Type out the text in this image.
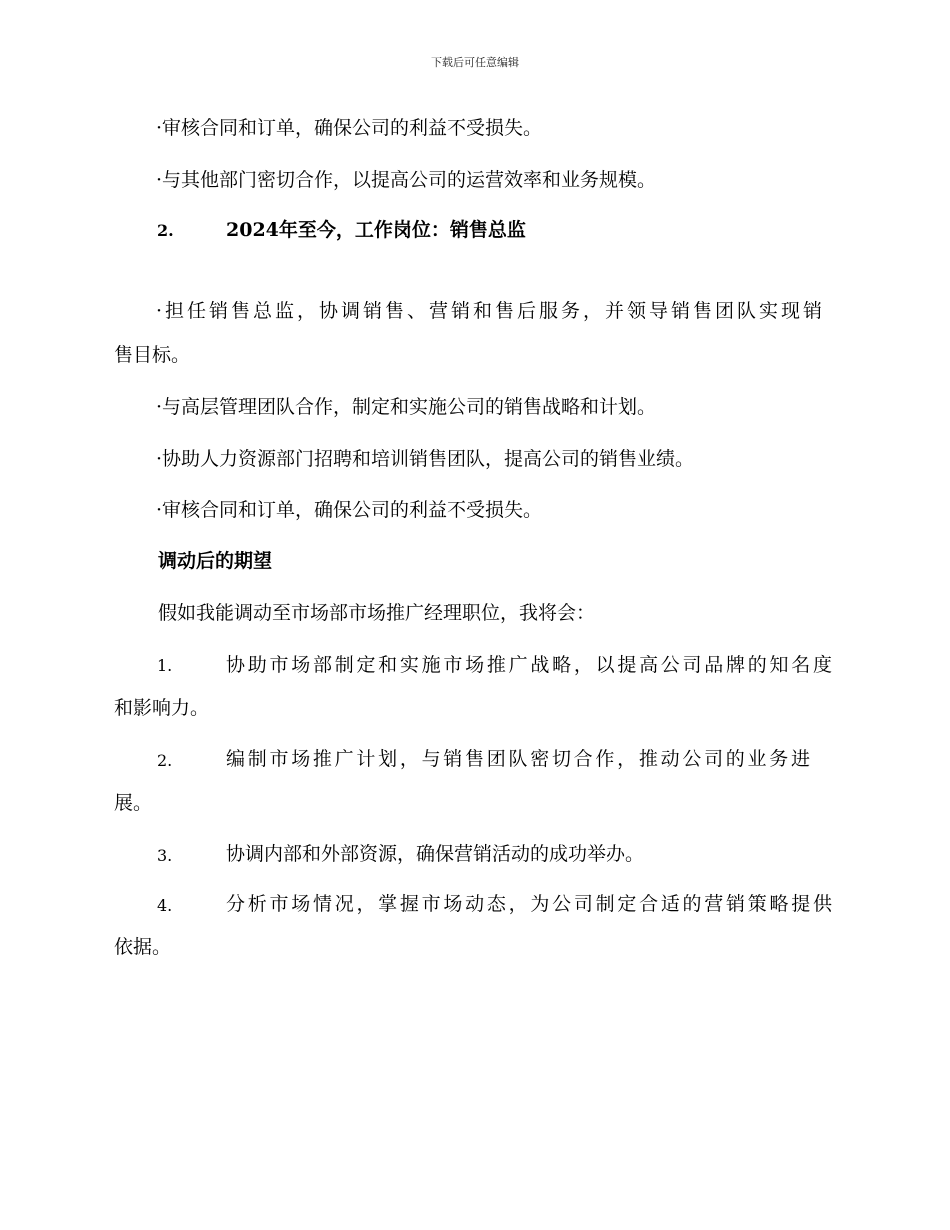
下载后可任意编辑
·审核合同和订单，确保公司的利益不受损失。
·与其他部门密切合作，以提高公司的运营效率和业务规模。
2.	2024年至今，工作岗位：销售总监
·担任销售总监，协调销售、营销和售后服务，并领导销售团队实现销
售目标。
·与高层管理团队合作，制定和实施公司的销售战略和计划。
·协助人力资源部门招聘和培训销售团队，提高公司的销售业绩。
·审核合同和订单，确保公司的利益不受损失。
调动后的期望
假如我能调动至市场部市场推广经理职位，我将会：
1.	协助市场部制定和实施市场推广战略，以提高公司品牌的知名度
和影响力。
2.	编制市场推广计划，与销售团队密切合作，推动公司的业务进
展。
3.	协调内部和外部资源，确保营销活动的成功举办。
4.	分析市场情况，掌握市场动态，为公司制定合适的营销策略提供
依据。
